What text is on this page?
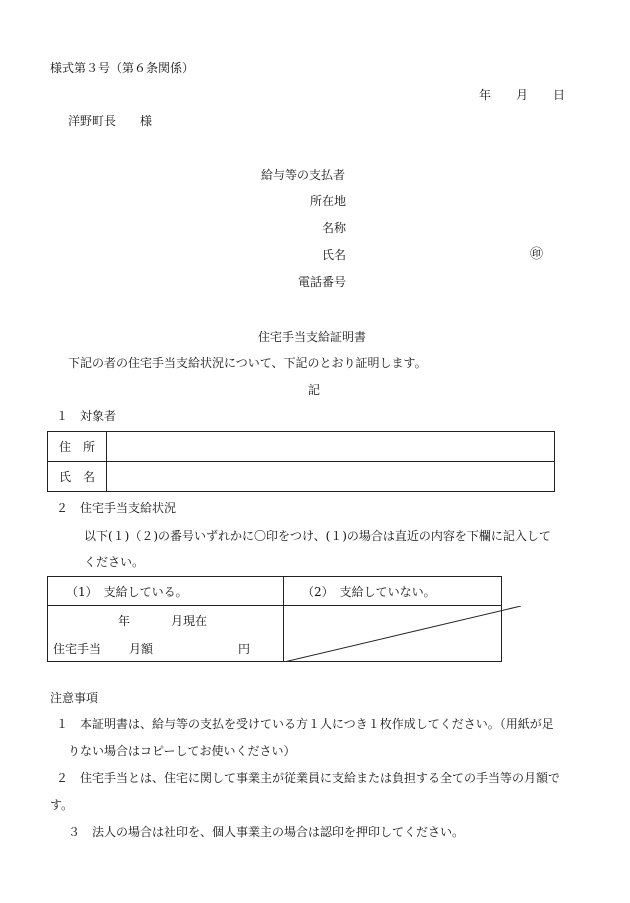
様式第３号（第６条関係）
年 月 日
洋野町長　　様
給与等の支払者
所在地
名称
氏名	㊞
電話番号
住宅手当支給証明書
下記の者の住宅手当支給状況について、下記のとおり証明します。
記
１　対象者
住　所	
氏　名	
２　住宅手当支給状況
以下(１)（２)の番号いずれかに〇印をつけ、(１)の場合は直近の内容を下欄に記入して
ください。
（1）　支給している。	（2）　支給していない。

年 月現在
住宅手当 月額 円

注意事項
１　本証明書は、給与等の支払を受けている方１人につき１枚作成してください。（用紙が足
りない場合はコピーしてお使いください）
２　住宅手当とは、住宅に関して事業主が従業員に支給または負担する全ての手当等の月額で
す。
３　法人の場合は社印を、個人事業主の場合は認印を押印してください。
